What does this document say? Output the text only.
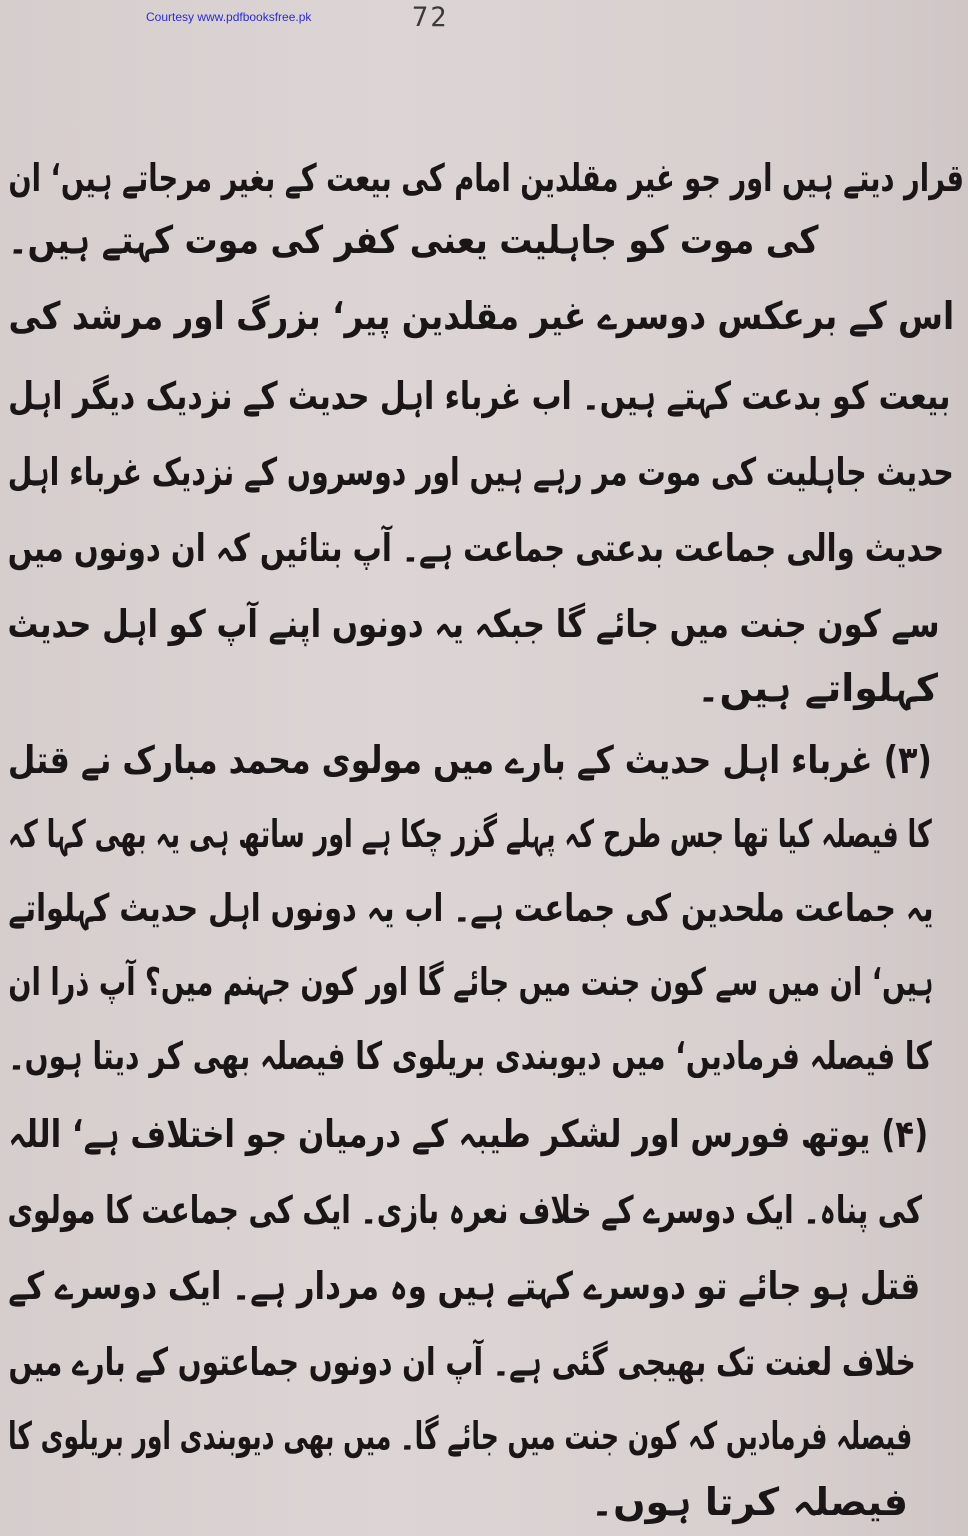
Courtesy www.pdfbooksfree.pk	72
قرار دیتے ہیں اور جو غیر مقلدین امام کی بیعت کے بغیر مرجاتے ہیں‘ ان
کی موت کو جاہلیت یعنی کفر کی موت کہتے ہیں۔
اس کے برعکس دوسرے غیر مقلدین پیر‘ بزرگ اور مرشد کی
بیعت کو بدعت کہتے ہیں۔ اب غرباء اہل حدیث کے نزدیک دیگر اہل
حدیث جاہلیت کی موت مر رہے ہیں اور دوسروں کے نزدیک غرباء اہل
حدیث والی جماعت بدعتی جماعت ہے۔ آپ بتائیں کہ ان دونوں میں
سے کون جنت میں جائے گا جبکہ یہ دونوں اپنے آپ کو اہل حدیث
کہلواتے ہیں۔
(۳) غرباء اہل حدیث کے بارے میں مولوی محمد مبارک نے قتل
کا فیصلہ کیا تھا جس طرح کہ پہلے گزر چکا ہے اور ساتھ ہی یہ بھی کہا کہ
یہ جماعت ملحدین کی جماعت ہے۔ اب یہ دونوں اہل حدیث کہلواتے
ہیں‘ ان میں سے کون جنت میں جائے گا اور کون جہنم میں؟ آپ ذرا ان
کا فیصلہ فرمادیں‘ میں دیوبندی بریلوی کا فیصلہ بھی کر دیتا ہوں۔
(۴) یوتھ فورس اور لشکر طیبہ کے درمیان جو اختلاف ہے‘ اللہ
کی پناہ۔ ایک دوسرے کے خلاف نعرہ بازی۔ ایک کی جماعت کا مولوی
قتل ہو جائے تو دوسرے کہتے ہیں وہ مردار ہے۔ ایک دوسرے کے
خلاف لعنت تک بھیجی گئی ہے۔ آپ ان دونوں جماعتوں کے بارے میں
فیصلہ فرمادیں کہ کون جنت میں جائے گا۔ میں بھی دیوبندی اور بریلوی کا
فیصلہ کرتا ہوں۔
